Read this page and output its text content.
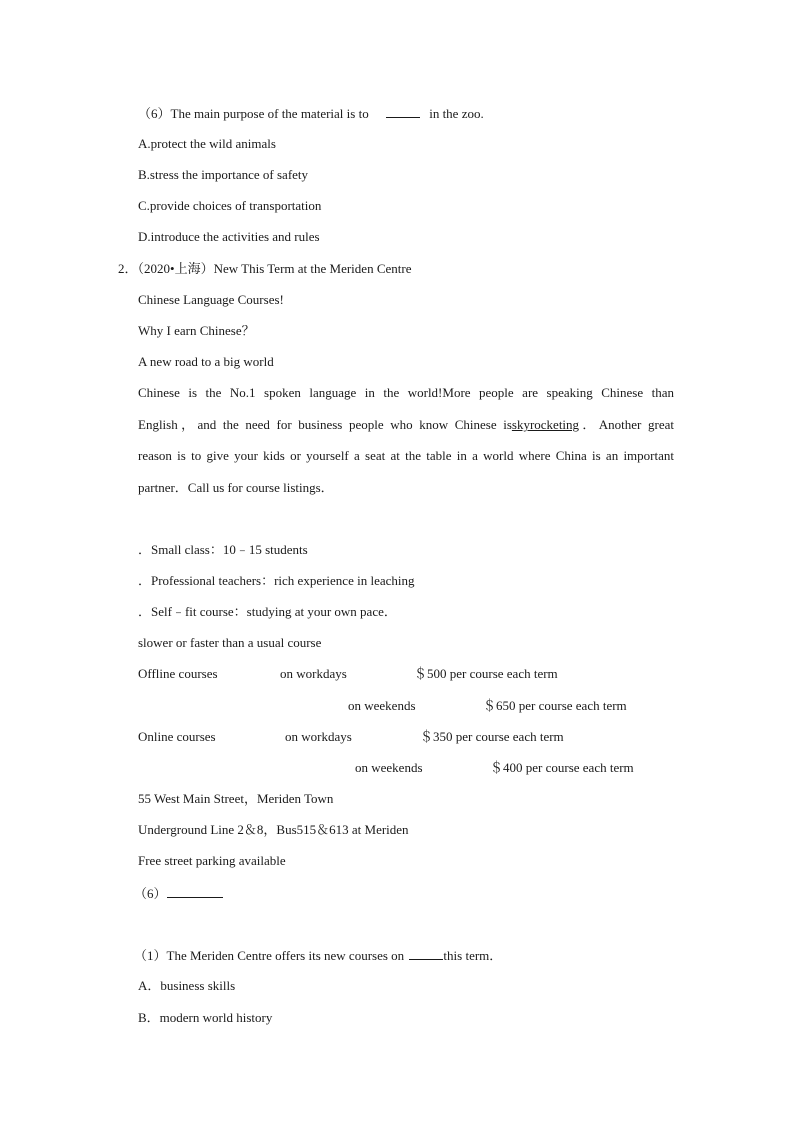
（6）The main purpose of the material is to	in the zoo.
A.protect the wild animals
B.stress the importance of safety
C.provide choices of transportation
D.introduce the activities and rules
2．（2020•上海）New This Term at the Meriden Centre
Chinese Language Courses!
Why I earn Chinese？
A new road to a big world
Chinese is the No.1 spoken language in the world!More people are speaking Chinese than
English，and the need for business people who know Chinese isskyrocketing．Another great
reason is to give your kids or yourself a seat at the table in a world where China is an important
partner．Call us for course listings．
．Small class：10﹣15 students
．Professional teachers：rich experience in leaching
．Self﹣fit course：studying at your own pace．
slower or faster than a usual course
Offline courses	on workdays	＄500 per course each term
on weekends	＄650 per course each term
Online courses	on workdays	＄350 per course each term
on weekends	＄400 per course each term
55 West Main Street，Meriden Town
Underground Line 2＆8，Bus515＆613 at Meriden
Free street parking available
（6）
（1）The Meriden Centre offers its new courses on	this term．
A．business skills
B．modern world history
